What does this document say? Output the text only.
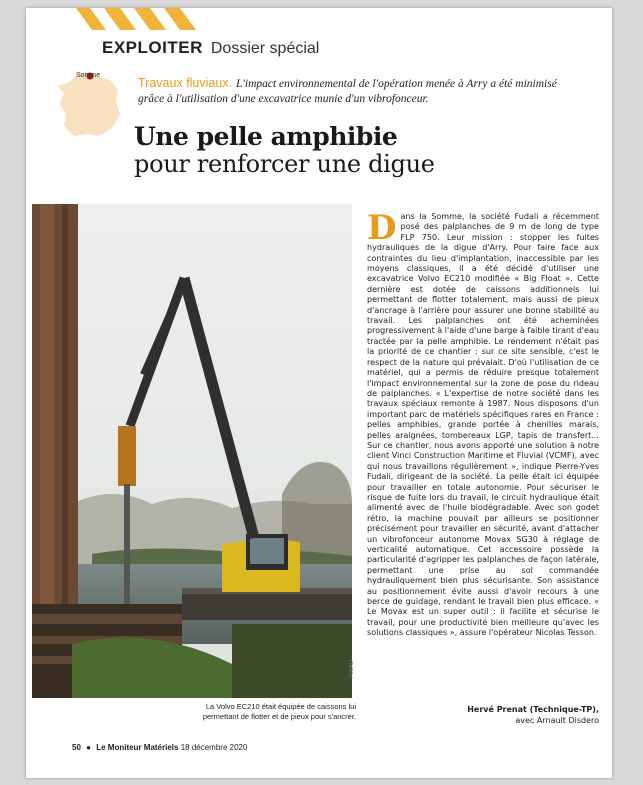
EXPLOITER Dossier spécial
Somme
Travaux fluviaux. L'impact environnemental de l'opération menée à Arry a été minimisé grâce à l'utilisation d'une excavatrice munie d'un vibrofonceur.
Une pelle amphibie
pour renforcer une digue
FUDALI
La Volvo EC210 était équipée de caissons lui permettant de flotter et de pieux pour s'ancrer.
D ans la Somme, la société Fudali a récemment posé des palplanches de 9 m de long de type FLP 750. Leur mission : stopper les fuites hydrauliques de la digue d'Arry. Pour faire face aux contraintes du lieu d'implantation, inaccessible par les moyens classiques, il a été décidé d'utiliser une excavatrice Volvo EC210 modifiée « Big Float ». Cette dernière est dotée de caissons additionnels lui permettant de flotter totalement, mais aussi de pieux d'ancrage à l'arrière pour assurer une bonne stabilité au travail. Les palplanches ont été acheminées progressivement à l'aide d'une barge à faible tirant d'eau tractée par la pelle amphibie. Le rendement n'était pas la priorité de ce chantier : sur ce site sensible, c'est le respect de la nature qui prévalait. D'où l'utilisation de ce matériel, qui a permis de réduire presque totalement l'impact environnemental sur la zone de pose du rideau de palplanches. « L'expertise de notre société dans les travaux spéciaux remonte à 1987. Nous disposons d'un important parc de matériels spécifiques rares en France : pelles amphibies, grande portée à chenilles marais, pelles araignées, tombereaux LGP, tapis de transfert... Sur ce chantier, nous avons apporté une solution à notre client Vinci Construction Maritime et Fluvial (VCMF), avec qui nous travaillons régulièrement », indique Pierre-Yves Fudali, dirigeant de la société. La pelle était ici équipée pour travailler en totale autonomie. Pour sécuriser le risque de fuite lors du travail, le circuit hydraulique était alimenté avec de l'huile biodégradable. Avec son godet rétro, la machine pouvait par ailleurs se positionner précisément pour travailler en sécurité, avant d'attacher un vibrofonceur autonome Movax SG30 à réglage de verticalité automatique. Cet accessoire possède la particularité d'agripper les palplanches de façon latérale, permettant une prise au sol commandée hydrauliquement bien plus sécurisante. Son assistance au positionnement évite aussi d'avoir recours à une berce de guidage, rendant le travail bien plus efficace. « Le Movax est un super outil : il facilite et sécurise le travail, pour une productivité bien meilleure qu'avec les solutions classiques », assure l'opérateur Nicolas Tesson.

Hervé Prenat (Technique-TP),
avec Arnault Disdero
50 ● Le Moniteur Matériels 18 décembre 2020
